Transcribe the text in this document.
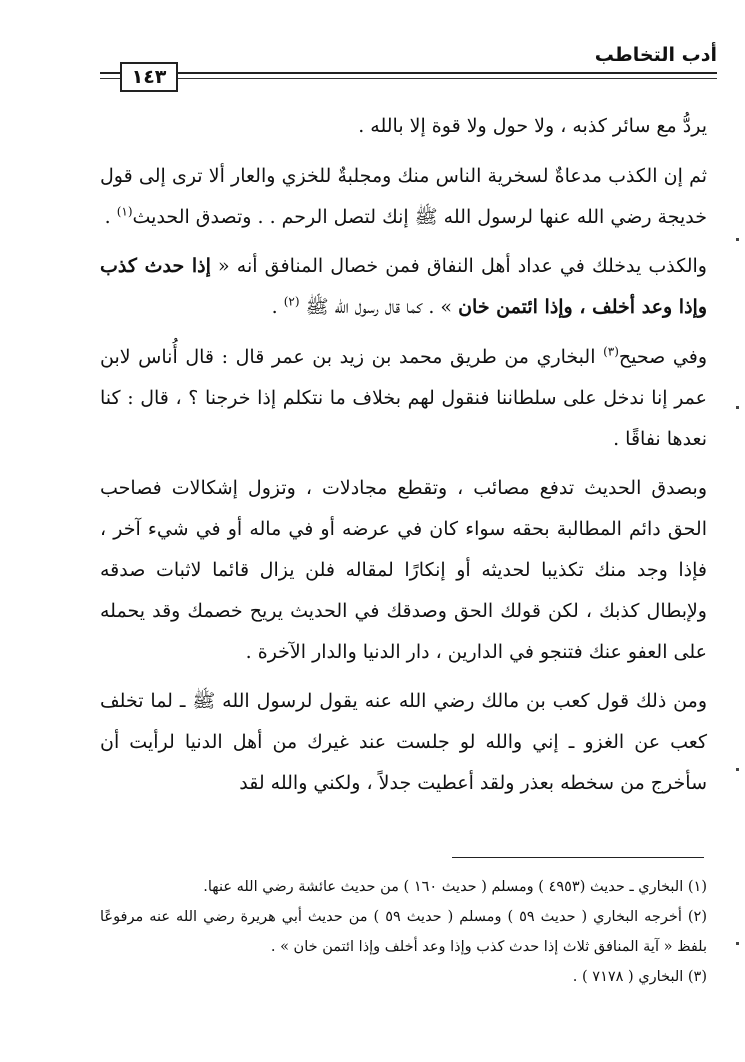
أدب التخاطب
١٤٣

يردُّ مع سائر كذبه ، ولا حول ولا قوة إلا بالله .

ثم إن الكذب مدعاةٌ لسخرية الناس منك ومجلبةٌ للخزي والعار ألا ترى إلى قول خديجة رضي الله عنها لرسول الله ﷺ إنك لتصل الرحم . . وتصدق الحديث$^{(١)}$ .

والكذب يدخلك في عداد أهل النفاق فمن خصال المنافق أنه « إذا حدث كذب وإذا وعد أخلف ، وإذا ائتمن خان » . كما قال رسول الله ﷺ $^{(٢)}$ .

وفي صحيح$^{(٣)}$ البخاري من طريق محمد بن زيد بن عمر قال : قال أُناس لابن عمر إنا ندخل على سلطاننا فنقول لهم بخلاف ما نتكلم إذا خرجنا ؟ ، قال : كنا نعدها نفاقًا .

وبصدق الحديث تدفع مصائب ، وتقطع مجادلات ، وتزول إشكالات فصاحب الحق دائم المطالبة بحقه سواء كان في عرضه أو في ماله أو في شيء آخر ، فإذا وجد منك تكذيبا لحديثه أو إنكارًا لمقاله فلن يزال قائما لاثبات صدقه ولإبطال كذبك ، لكن قولك الحق وصدقك في الحديث يريح خصمك وقد يحمله على العفو عنك فتنجو في الدارين ، دار الدنيا والدار الآخرة .

ومن ذلك قول كعب بن مالك رضي الله عنه يقول لرسول الله ﷺ ـ لما تخلف كعب عن الغزو ـ إني والله لو جلست عند غيرك من أهل الدنيا لرأيت أن سأخرج من سخطه بعذر ولقد أعطيت جدلاً ، ولكني والله لقد

(١) البخاري ـ حديث (٤٩٥٣ ) ومسلم ( حديث ١٦٠ ) من حديث عائشة رضي الله عنها.

(٢) أخرجه البخاري ( حديث ٥٩ ) ومسلم ( حديث ٥٩ ) من حديث أبي هريرة رضي الله عنه مرفوعًا بلفظ « آية المنافق ثلاث إذا حدث كذب وإذا وعد أخلف وإذا ائتمن خان » .

(٣) البخاري ( ٧١٧٨ ) .
